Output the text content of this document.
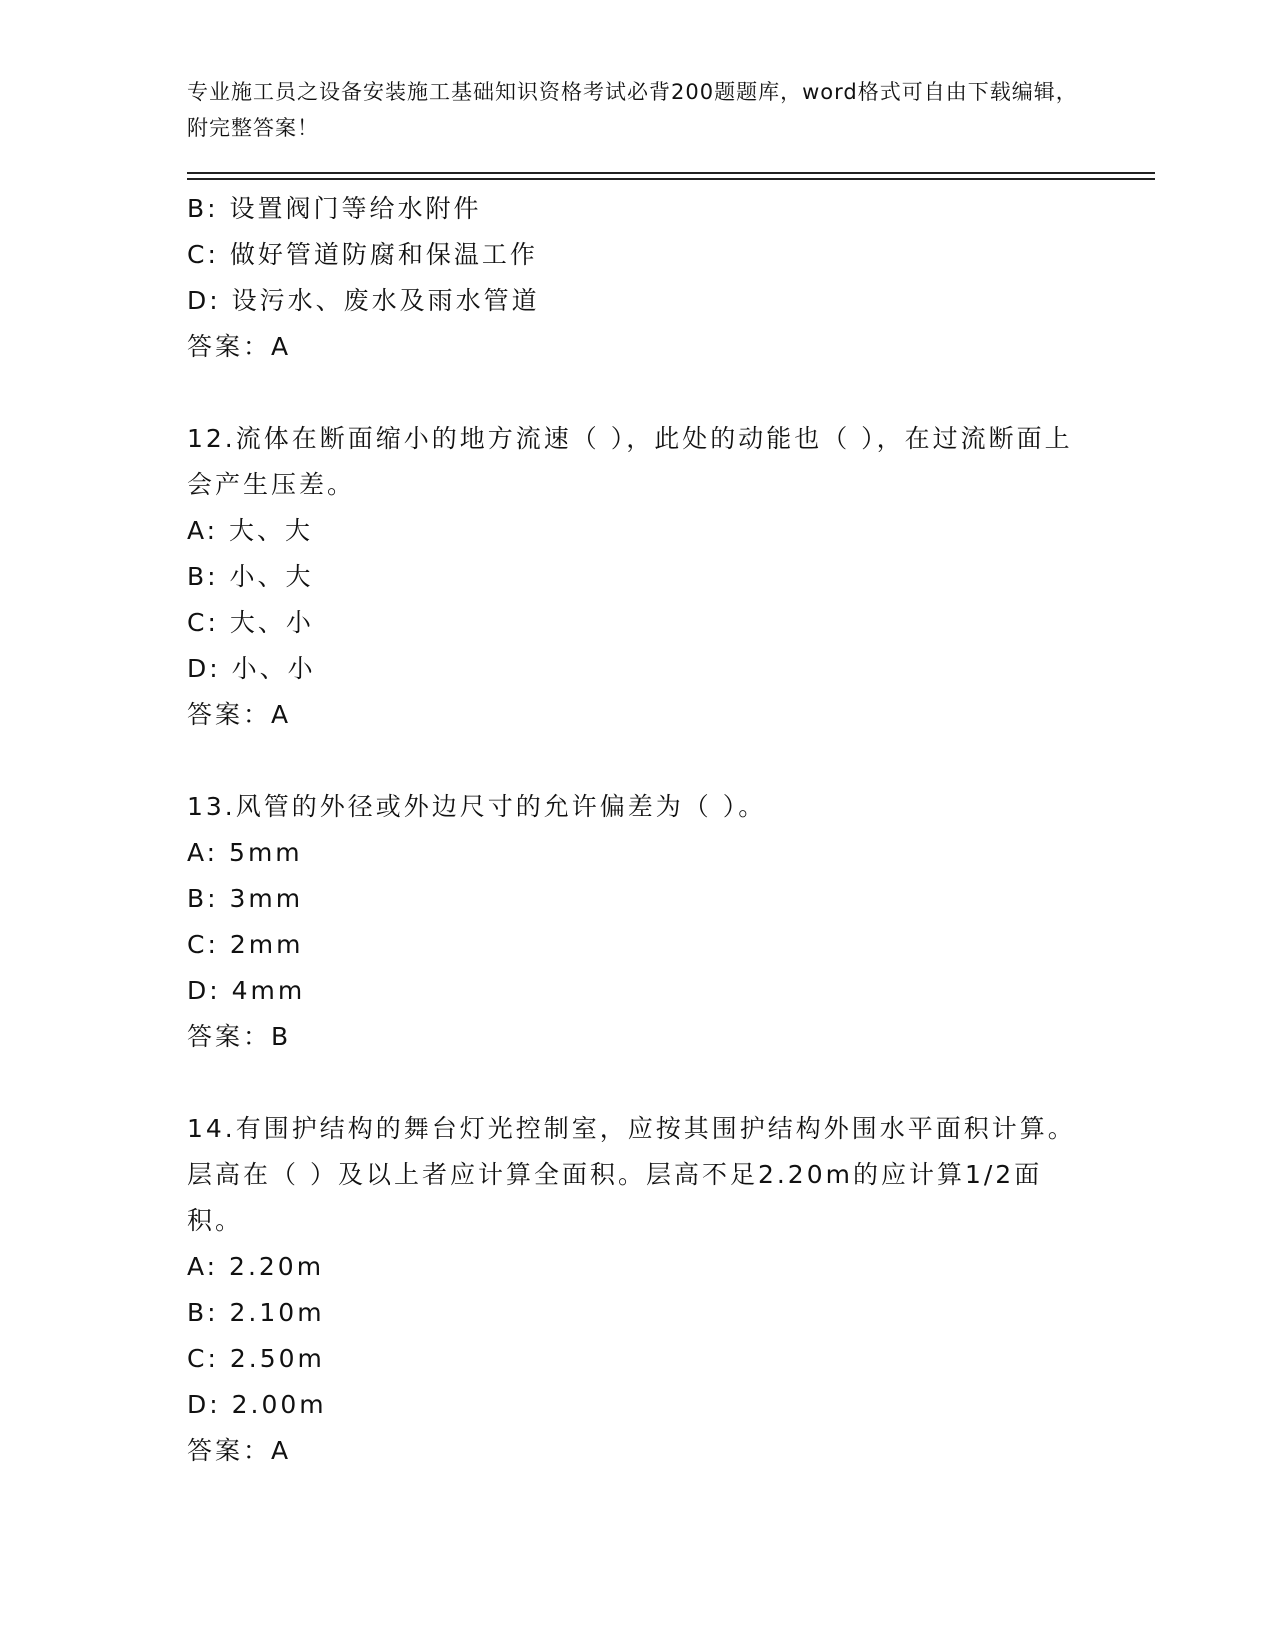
专业施工员之设备安装施工基础知识资格考试必背200题题库，word格式可自由下载编辑，附完整答案！
B: 设置阀门等给水附件
C: 做好管道防腐和保温工作
D: 设污水、废水及雨水管道
答案：A
12.流体在断面缩小的地方流速（ ），此处的动能也（ ），在过流断面上会产生压差。
A: 大、大
B: 小、大
C: 大、小
D: 小、小
答案：A
13.风管的外径或外边尺寸的允许偏差为（ ）。
A: 5mm
B: 3mm
C: 2mm
D: 4mm
答案：B
14.有围护结构的舞台灯光控制室，应按其围护结构外围水平面积计算。层高在（ ）及以上者应计算全面积。层高不足2.20m的应计算1/2面积。
A: 2.20m
B: 2.10m
C: 2.50m
D: 2.00m
答案：A
